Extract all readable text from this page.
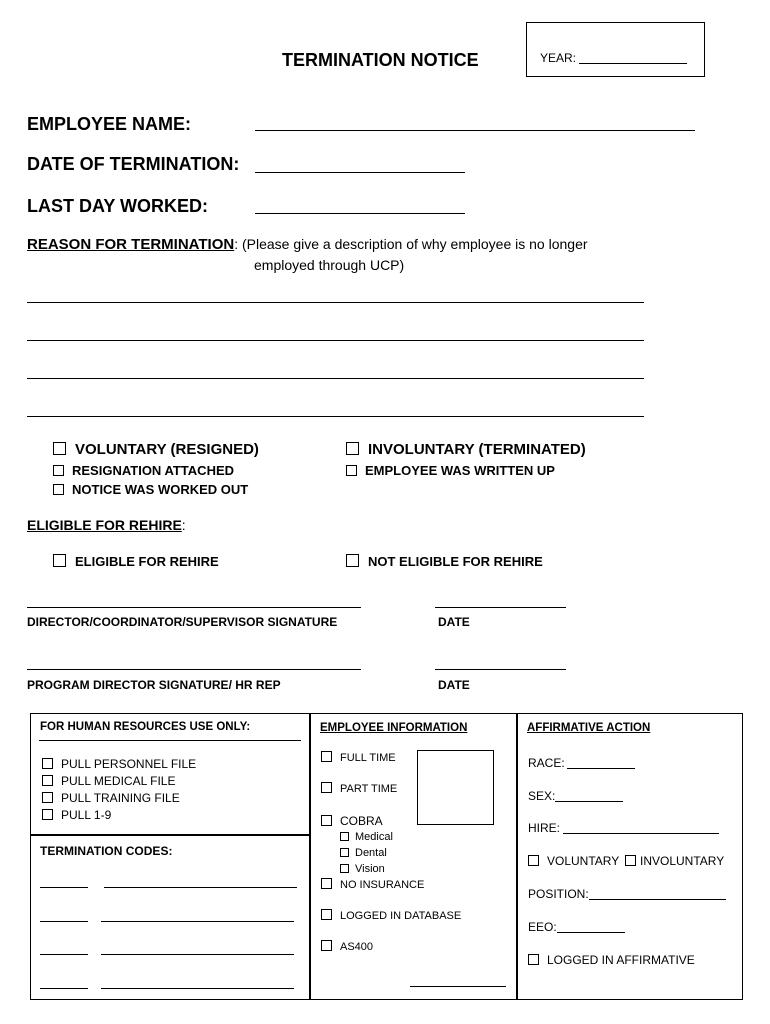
TERMINATION NOTICE	YEAR:
EMPLOYEE NAME:
DATE OF TERMINATION:
LAST DAY WORKED:
REASON FOR TERMINATION: (Please give a description of why employee is no longer
employed through UCP)
VOLUNTARY (RESIGNED)	INVOLUNTARY (TERMINATED)
RESIGNATION ATTACHED
NOTICE WAS WORKED OUT
EMPLOYEE WAS WRITTEN UP
ELIGIBLE FOR REHIRE:
ELIGIBLE FOR REHIRE	NOT ELIGIBLE FOR REHIRE
DIRECTOR/COORDINATOR/SUPERVISOR SIGNATURE	DATE
PROGRAM DIRECTOR SIGNATURE/ HR REP	DATE
FOR HUMAN RESOURCES USE ONLY:
PULL PERSONNEL FILE
PULL MEDICAL FILE
PULL TRAINING FILE
PULL 1-9
TERMINATION CODES:
EMPLOYEE INFORMATION
FULL TIME
PART TIME
COBRA
Medical
Dental
Vision
NO INSURANCE
LOGGED IN DATABASE
AS400
AFFIRMATIVE ACTION
RACE:
SEX:
HIRE:
VOLUNTARY	INVOLUNTARY
POSITION:
EEO:
LOGGED IN AFFIRMATIVE
